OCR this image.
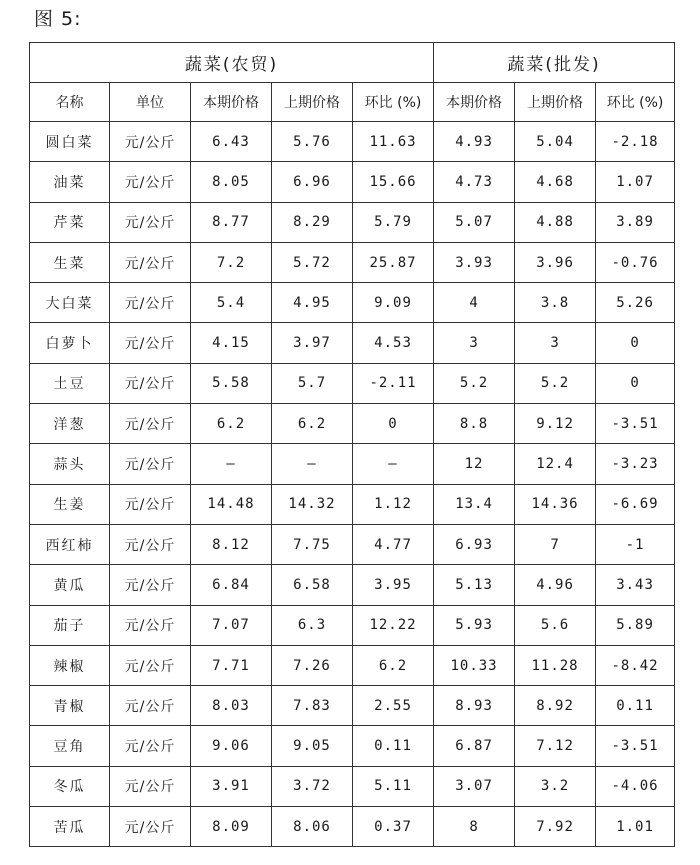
图 5:
蔬菜(农贸)					蔬菜(批发)		
名称	单位	本期价格	上期价格	环比 (%)	本期价格	上期价格	环比 (%)
圆白菜	元/公斤	6.43	5.76	11.63	4.93	5.04	-2.18
油菜	元/公斤	8.05	6.96	15.66	4.73	4.68	1.07
芹菜	元/公斤	8.77	8.29	5.79	5.07	4.88	3.89
生菜	元/公斤	7.2	5.72	25.87	3.93	3.96	-0.76
大白菜	元/公斤	5.4	4.95	9.09	4	3.8	5.26
白萝卜	元/公斤	4.15	3.97	4.53	3	3	0
土豆	元/公斤	5.58	5.7	-2.11	5.2	5.2	0
洋葱	元/公斤	6.2	6.2	0	8.8	9.12	-3.51
蒜头	元/公斤	—	—	—	12	12.4	-3.23
生姜	元/公斤	14.48	14.32	1.12	13.4	14.36	-6.69
西红柿	元/公斤	8.12	7.75	4.77	6.93	7	-1
黄瓜	元/公斤	6.84	6.58	3.95	5.13	4.96	3.43
茄子	元/公斤	7.07	6.3	12.22	5.93	5.6	5.89
辣椒	元/公斤	7.71	7.26	6.2	10.33	11.28	-8.42
青椒	元/公斤	8.03	7.83	2.55	8.93	8.92	0.11
豆角	元/公斤	9.06	9.05	0.11	6.87	7.12	-3.51
冬瓜	元/公斤	3.91	3.72	5.11	3.07	3.2	-4.06
苦瓜	元/公斤	8.09	8.06	0.37	8	7.92	1.01
